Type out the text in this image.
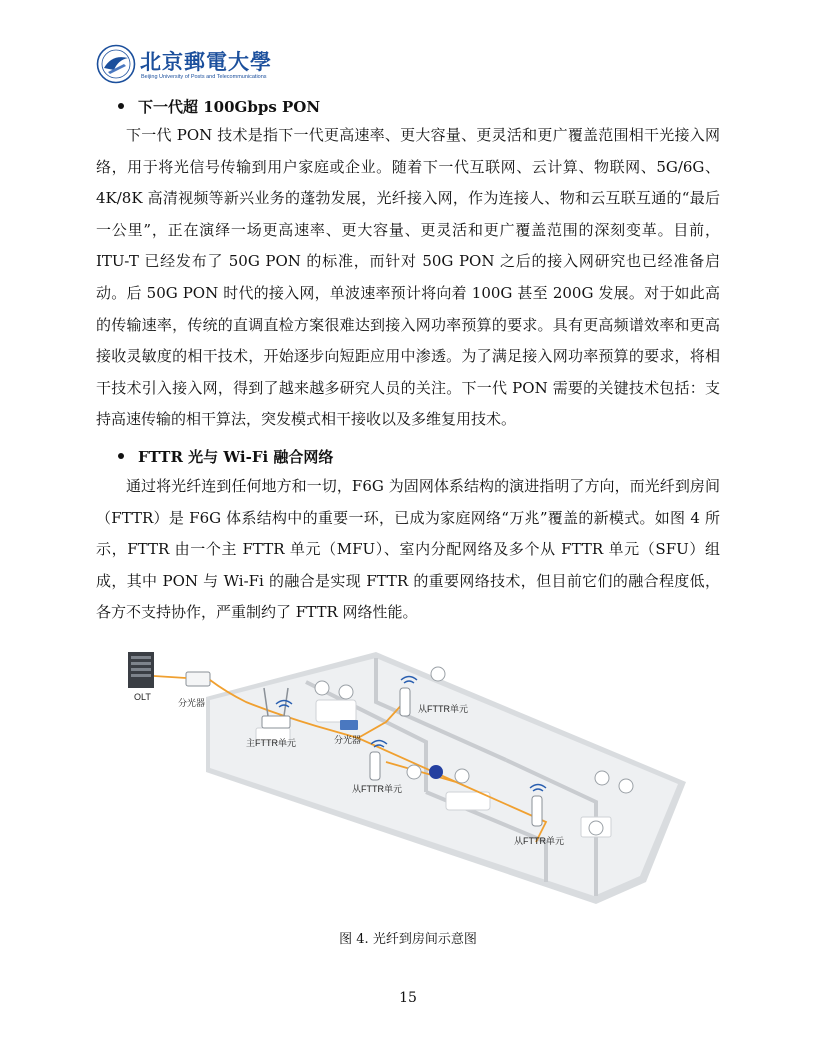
北京郵電大學
Beijing University of Posts and Telecommunications
下一代超 100Gbps PON

下一代 PON 技术是指下一代更高速率、更大容量、更灵活和更广覆盖范围相干光接入网络，用于将光信号传输到用户家庭或企业。随着下一代互联网、云计算、物联网、5G/6G、4K/8K 高清视频等新兴业务的蓬勃发展，光纤接入网，作为连接人、物和云互联互通的“最后一公里”，正在演绎一场更高速率、更大容量、更灵活和更广覆盖范围的深刻变革。目前，ITU-T 已经发布了 50G PON 的标准，而针对 50G PON 之后的接入网研究也已经准备启动。后 50G PON 时代的接入网，单波速率预计将向着 100G 甚至 200G 发展。对于如此高的传输速率，传统的直调直检方案很难达到接入网功率预算的要求。具有更高频谱效率和更高接收灵敏度的相干技术，开始逐步向短距应用中渗透。为了满足接入网功率预算的要求，将相干技术引入接入网，得到了越来越多研究人员的关注。下一代 PON 需要的关键技术包括：支持高速传输的相干算法，突发模式相干接收以及多维复用技术。

FTTR 光与 Wi-Fi 融合网络

通过将光纤连到任何地方和一切，F6G 为固网体系结构的演进指明了方向，而光纤到房间（FTTR）是 F6G 体系结构中的重要一环，已成为家庭网络“万兆”覆盖的新模式。如图 4 所示，FTTR 由一个主 FTTR 单元（MFU）、室内分配网络及多个从 FTTR 单元（SFU）组成，其中 PON 与 Wi-Fi 的融合是实现 FTTR 的重要网络技术，但目前它们的融合程度低，各方不支持协作，严重制约了 FTTR 网络性能。

OLT
分光器
主FTTR单元	分光器
从FTTR单元
从FTTR单元
从FTTR单元
图 4. 光纤到房间示意图
15
